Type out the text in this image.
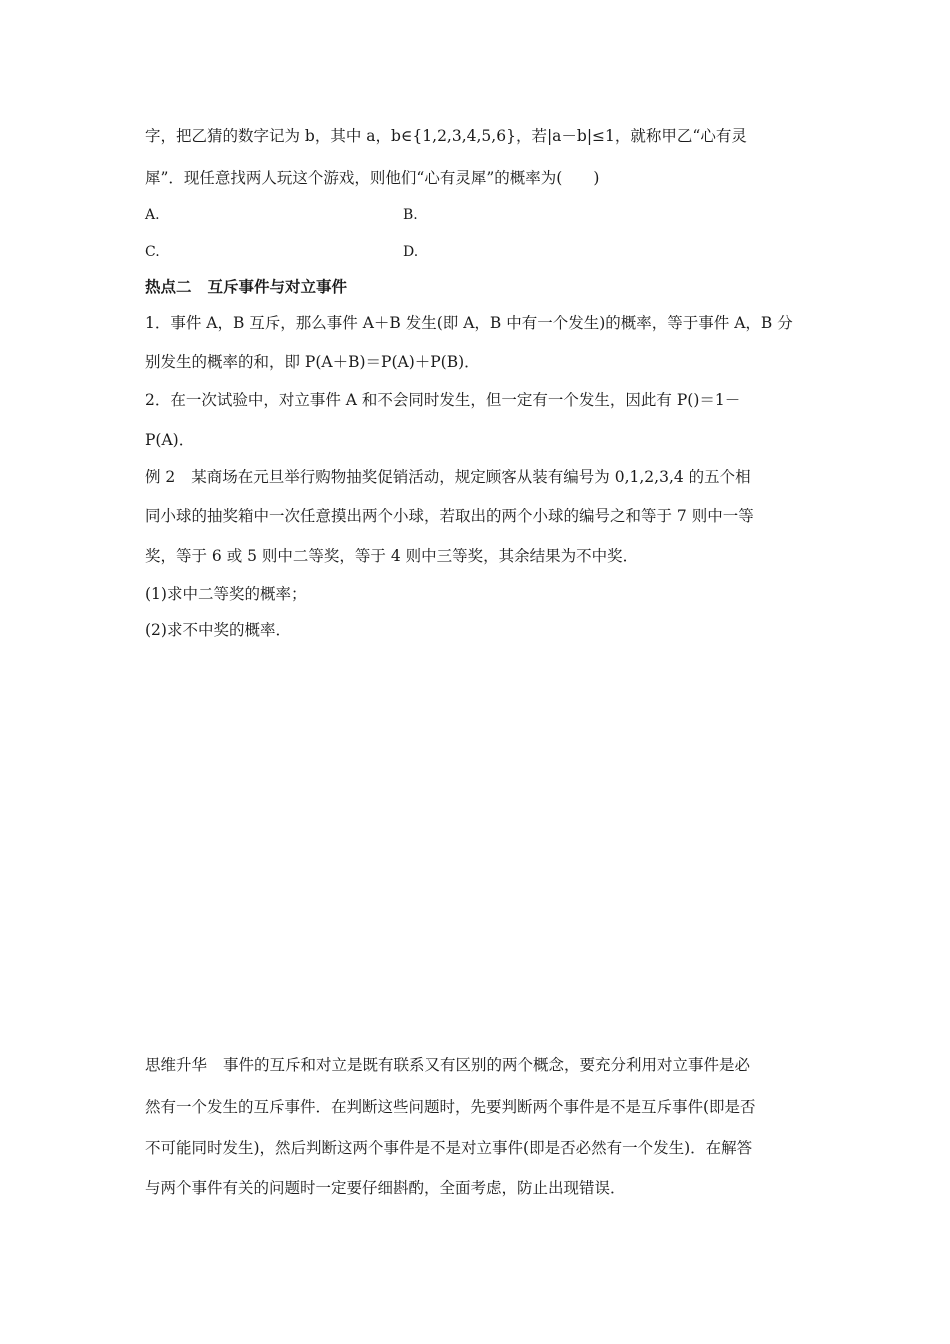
字，把乙猜的数字记为 b，其中 a，b∈{1,2,3,4,5,6}，若|a－b|≤1，就称甲乙“心有灵
犀”．现任意找两人玩这个游戏，则他们“心有灵犀”的概率为(　　)
A.	B.
C.	D.
热点二 互斥事件与对立事件
1．事件 A，B 互斥，那么事件 A＋B 发生(即 A，B 中有一个发生)的概率，等于事件 A，B 分
别发生的概率的和，即 P(A＋B)＝P(A)＋P(B)．
2．在一次试验中，对立事件 A 和不会同时发生，但一定有一个发生，因此有 P()＝1－
P(A)．
例 2 某商场在元旦举行购物抽奖促销活动，规定顾客从装有编号为 0,1,2,3,4 的五个相
同小球的抽奖箱中一次任意摸出两个小球，若取出的两个小球的编号之和等于 7 则中一等
奖，等于 6 或 5 则中二等奖，等于 4 则中三等奖，其余结果为不中奖．
(1)求中二等奖的概率；
(2)求不中奖的概率．
思维升华 事件的互斥和对立是既有联系又有区别的两个概念，要充分利用对立事件是必
然有一个发生的互斥事件．在判断这些问题时，先要判断两个事件是不是互斥事件(即是否
不可能同时发生)，然后判断这两个事件是不是对立事件(即是否必然有一个发生)．在解答
与两个事件有关的问题时一定要仔细斟酌，全面考虑，防止出现错误．
